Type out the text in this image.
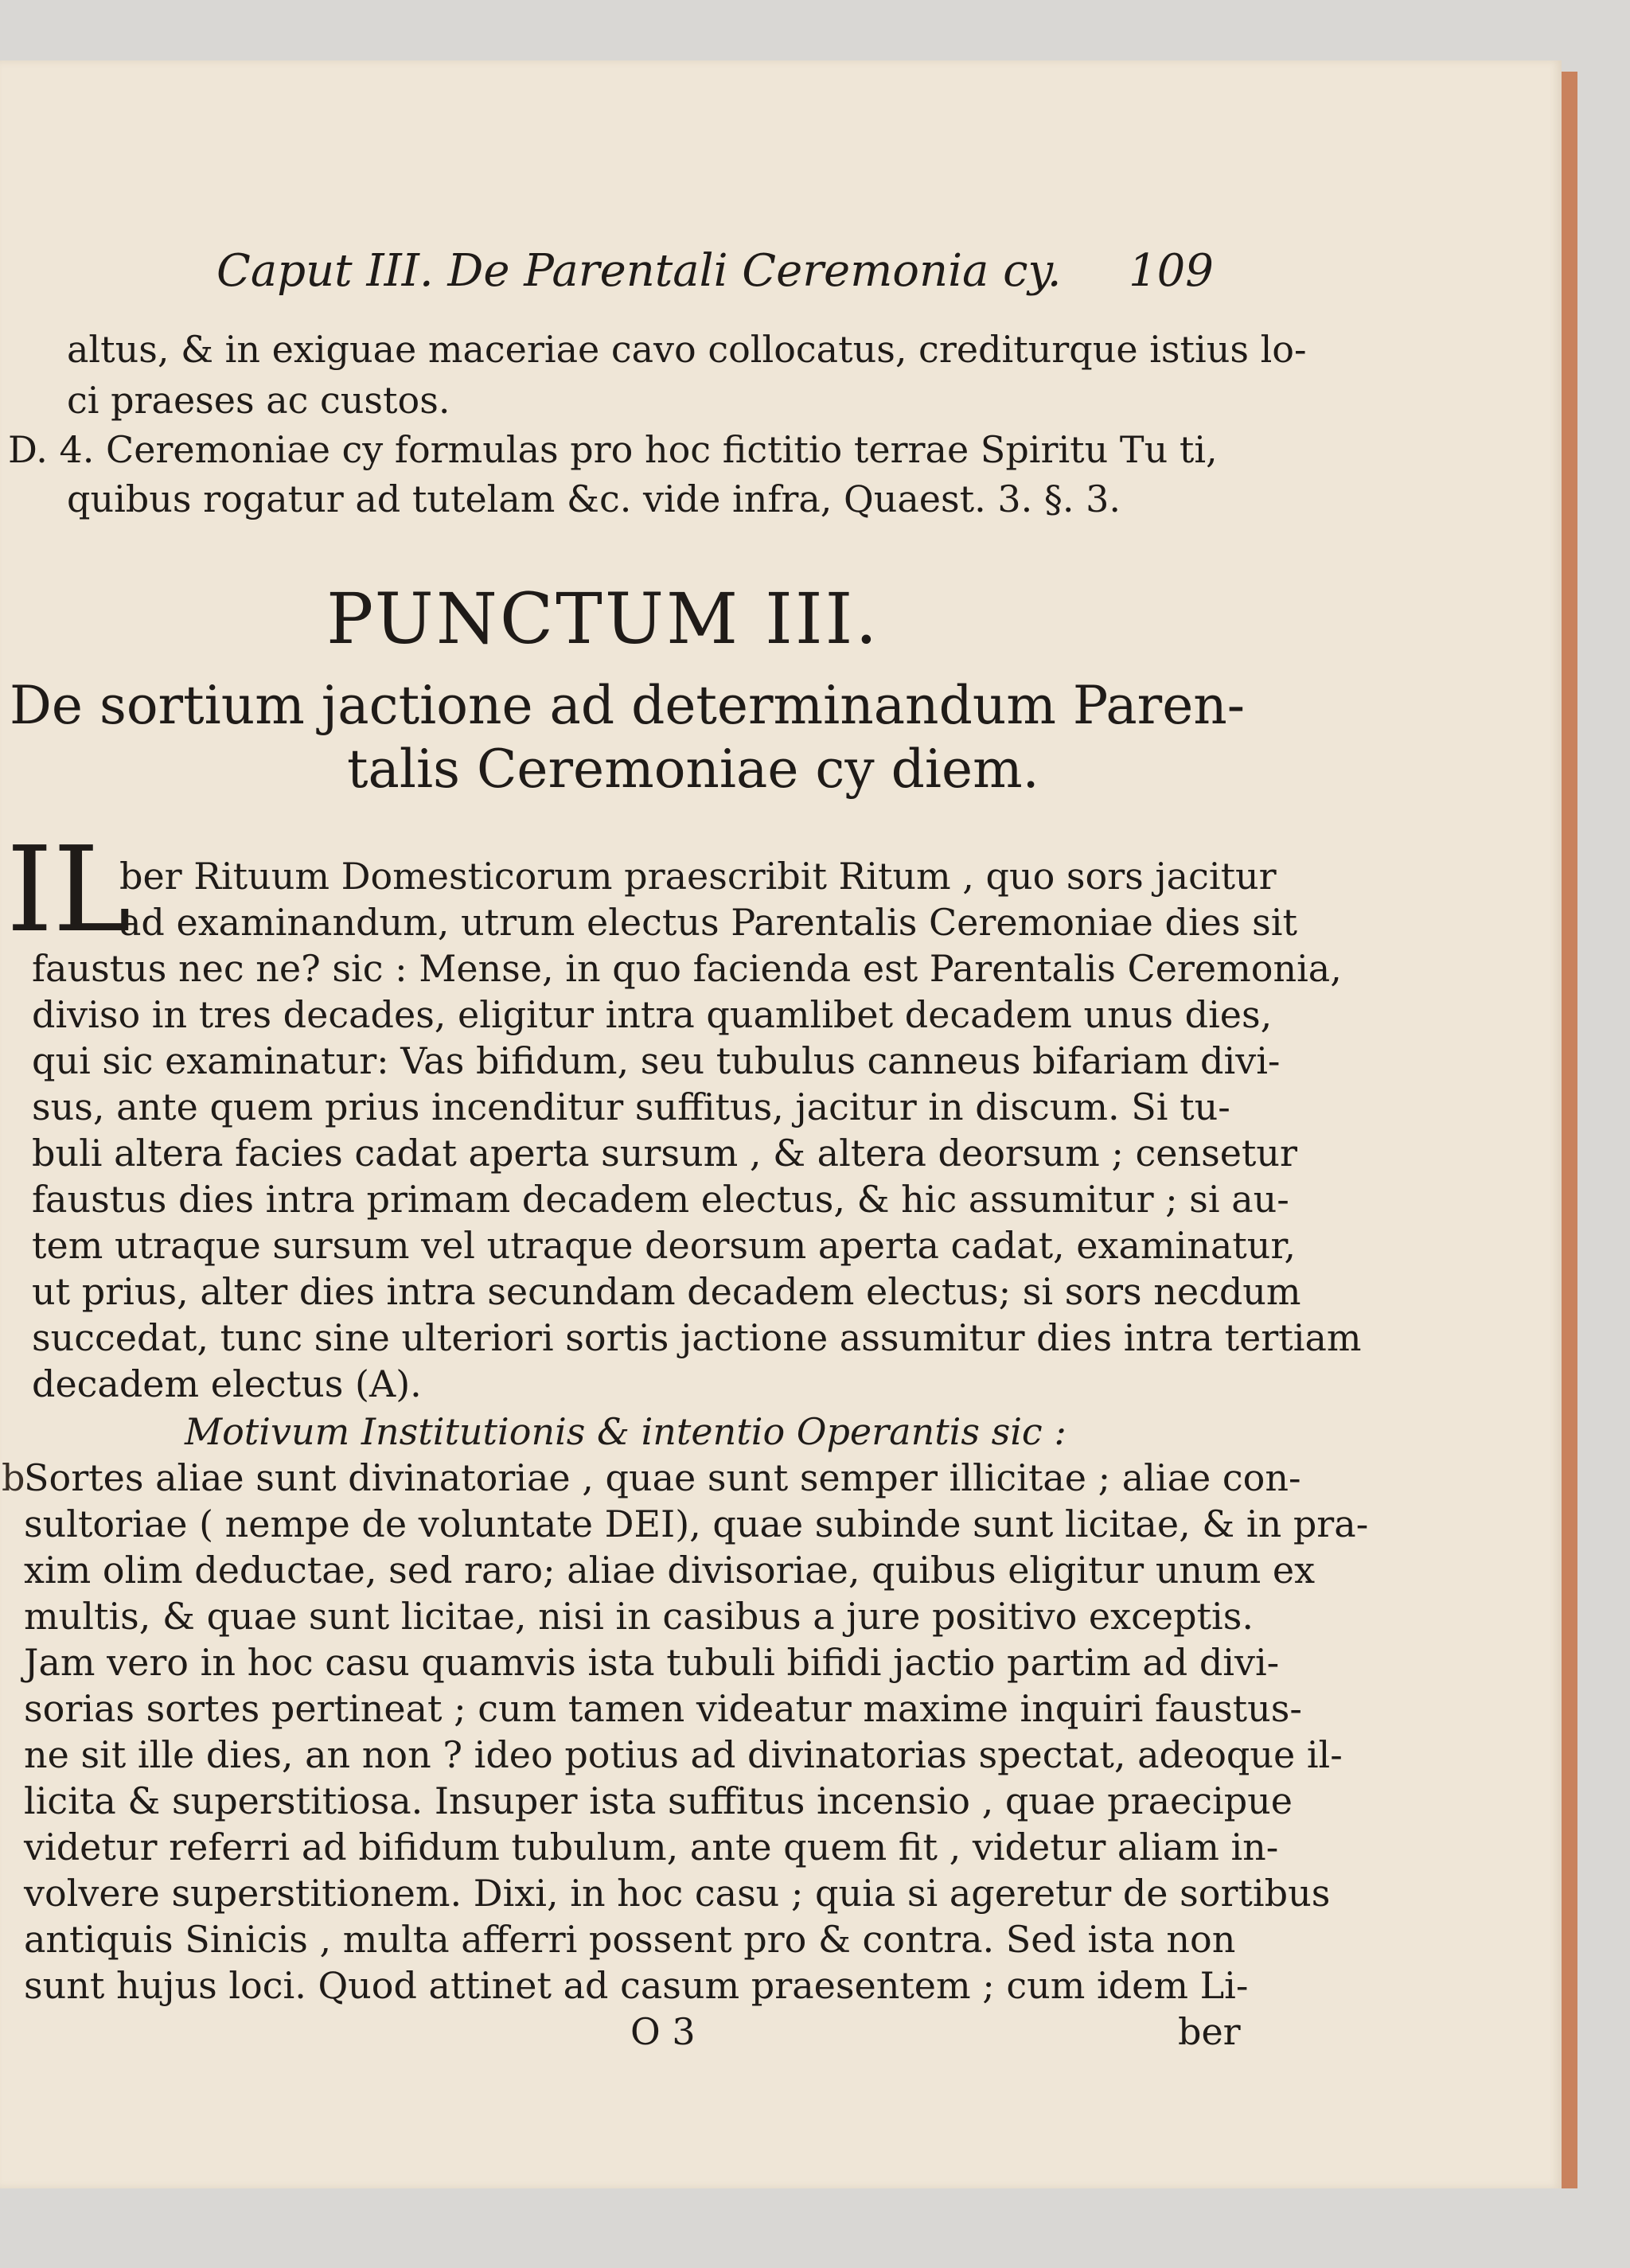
Caput III. De Parentali Ceremonia cy. 109
altus, & in exiguae maceriae cavo collocatus, crediturque istius lo-
ci praeses ac custos.
D. 4. Ceremoniae cy formulas pro hoc fictitio terrae Spiritu Tu ti,
quibus rogatur ad tutelam &c. vide infra, Quaest. 3. §. 3.
PUNCTUM III.
De sortium jactione ad determinandum Paren-
talis Ceremoniae cy diem.
IL
ber Rituum Domesticorum praescribit Ritum , quo sors jacitur
ad examinandum, utrum electus Parentalis Ceremoniae dies sit
faustus nec ne? sic : Mense, in quo facienda est Parentalis Ceremonia,
diviso in tres decades, eligitur intra quamlibet decadem unus dies,
qui sic examinatur: Vas bifidum, seu tubulus canneus bifariam divi-
sus, ante quem prius incenditur suffitus, jacitur in discum. Si tu-
buli altera facies cadat aperta sursum , & altera deorsum ; censetur
faustus dies intra primam decadem electus, & hic assumitur ; si au-
tem utraque sursum vel utraque deorsum aperta cadat, examinatur,
ut prius, alter dies intra secundam decadem electus; si sors necdum
succedat, tunc sine ulteriori sortis jactione assumitur dies intra tertiam
decadem electus (A).
Motivum Institutionis & intentio Operantis sic :
Sortes aliae sunt divinatoriae , quae sunt semper illicitae ; aliae con-
sultoriae ( nempe de voluntate DEI), quae subinde sunt licitae, & in pra-
xim olim deductae, sed raro; aliae divisoriae, quibus eligitur unum ex
multis, & quae sunt licitae, nisi in casibus a jure positivo exceptis.
Jam vero in hoc casu quamvis ista tubuli bifidi jactio partim ad divi-
sorias sortes pertineat ; cum tamen videatur maxime inquiri faustus-
ne sit ille dies, an non ? ideo potius ad divinatorias spectat, adeoque il-
licita & superstitiosa. Insuper ista suffitus incensio , quae praecipue
videtur referri ad bifidum tubulum, ante quem fit , videtur aliam in-
volvere superstitionem. Dixi, in hoc casu ; quia si ageretur de sortibus
antiquis Sinicis , multa afferri possent pro & contra. Sed ista non
sunt hujus loci. Quod attinet ad casum praesentem ; cum idem Li-
O 3	ber
b
